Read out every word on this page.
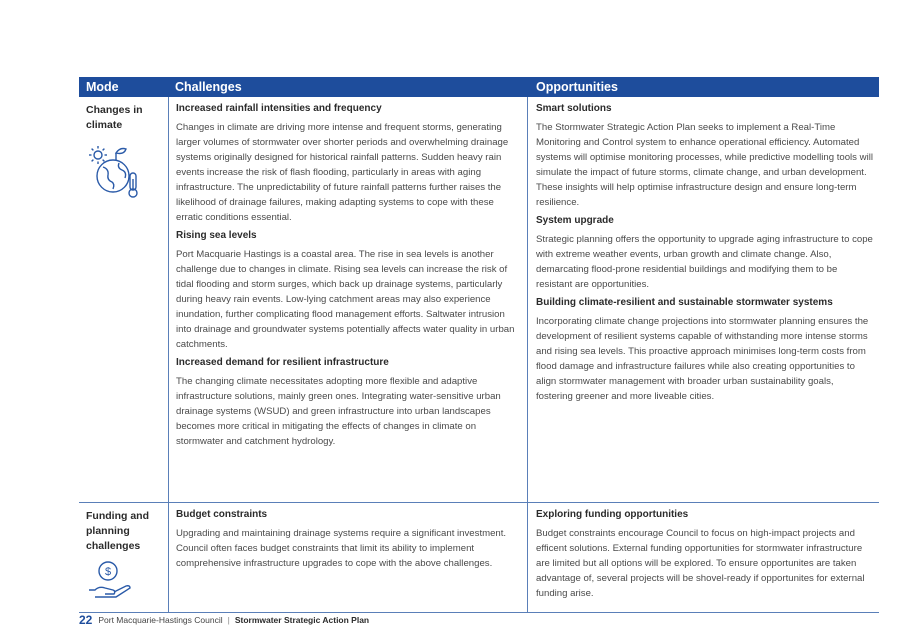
Mode	Challenges	Opportunities
Changes in climate
Increased rainfall intensities and frequency
Changes in climate are driving more intense and frequent storms, generating larger volumes of stormwater over shorter periods and overwhelming drainage systems originally designed for historical rainfall patterns. Sudden heavy rain events increase the risk of flash flooding, particularly in areas with aging infrastructure. The unpredictability of future rainfall patterns further raises the likelihood of drainage failures, making adapting systems to cope with these erratic conditions essential.
Rising sea levels
Port Macquarie Hastings is a coastal area. The rise in sea levels is another challenge due to changes in climate. Rising sea levels can increase the risk of tidal flooding and storm surges, which back up drainage systems, particularly during heavy rain events. Low-lying catchment areas may also experience inundation, further complicating flood management efforts. Saltwater intrusion into drainage and groundwater systems potentially affects water quality in urban catchments.
Increased demand for resilient infrastructure
The changing climate necessitates adopting more flexible and adaptive infrastructure solutions, mainly green ones. Integrating water-sensitive urban drainage systems (WSUD) and green infrastructure into urban landscapes becomes more critical in mitigating the effects of changes in climate on stormwater and catchment hydrology.
Smart solutions
The Stormwater Strategic Action Plan seeks to implement a Real-Time Monitoring and Control system to enhance operational efficiency. Automated systems will optimise monitoring processes, while predictive modelling tools will simulate the impact of future storms, climate change, and urban development. These insights will help optimise infrastructure design and ensure long-term resilience.
System upgrade
Strategic planning offers the opportunity to upgrade aging infrastructure to cope with extreme weather events, urban growth and climate change. Also, demarcating flood-prone residential buildings and modifying them to be resistant are opportunities.
Building climate-resilient and sustainable stormwater systems
Incorporating climate change projections into stormwater planning ensures the development of resilient systems capable of withstanding more intense storms and rising sea levels. This proactive approach minimises long-term costs from flood damage and infrastructure failures while also creating opportunities to align stormwater management with broader urban sustainability goals, fostering greener and more liveable cities.
Funding and planning challenges
$
Budget constraints
Upgrading and maintaining drainage systems require a significant investment. Council often faces budget constraints that limit its ability to implement comprehensive infrastructure upgrades to cope with the above challenges.
Exploring funding opportunities
Budget constraints encourage Council to focus on high-impact projects and efficent solutions. External funding opportunities for stormwater infrastructure are limited but all options will be explored. To ensure opportunites are taken advantage of, several projects will be shovel-ready if opportunites for external funding arise.
22 Port Macquarie-Hastings Council | Stormwater Strategic Action Plan
